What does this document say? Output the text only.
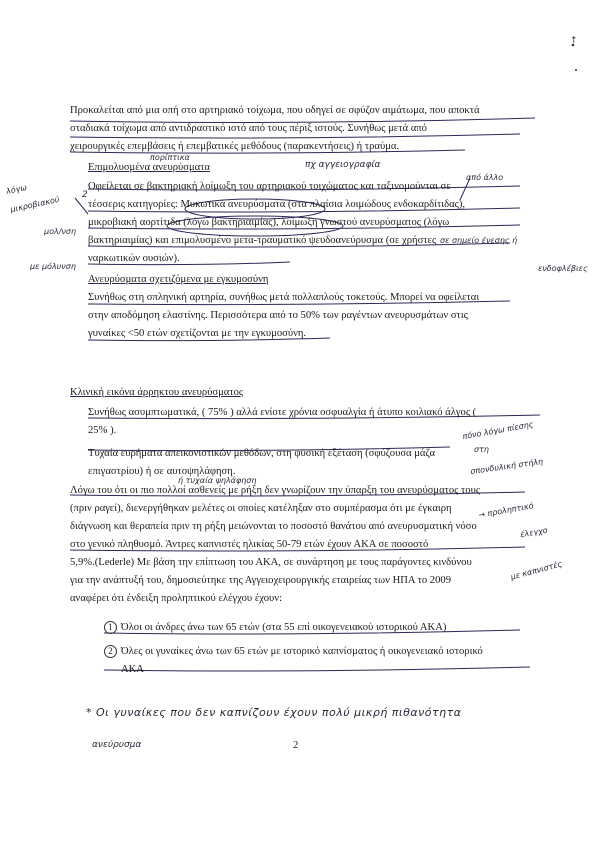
Προκαλείται από μια οπή στο αρτηριακό τοίχωμα, που οδηγεί σε σφύζον αιμάτωμα, που αποκτά
σταδιακά τοίχωμα από αντιδραστικό ιστό από τους πέριξ ιστούς. Συνήθως μετά από
χειρουργικές επεμβάσεις ή επεμβατικές μεθόδους (παρακεντήσεις) ή τραύμα.
Επιμολυσμένα ανευρύσματα
Οφείλεται σε βακτηριακή λοίμωξη του αρτηριακού τοιχώματος και ταξινομούνται σε
τέσσερις κατηγορίες: Μυκωτικά ανευρύσματα (στα πλαίσια λοιμώδους ενδοκαρδίτιδας),
μικροβιακή αορτίτιδα (λόγω βακτηριαιμίας), λοίμωξη γνωστού ανευρύσματος (λόγω
βακτηριαιμίας) και επιμολυσμένο μετα-τραυματικό ψευδοανεύρυσμα (σε χρήστες
ναρκωτικών ουσιών).
Ανευρύσματα σχετιζόμενα με εγκυμοσύνη
Συνήθως στη σπληνική αρτηρία, συνήθως μετά πολλαπλούς τοκετούς. Μπορεί να οφείλεται
στην αποδόμηση ελαστίνης. Περισσότερα από το 50% των ραγέντων ανευρυσμάτων στις
γυναίκες <50 ετών σχετίζονται με την εγκυμοσύνη.
Κλινική εικόνα άρρηκτου ανευρύσματος
Συνήθως ασυμπτωματικά, ( 75% ) αλλά ενίοτε χρόνια οσφυαλγία ή άτυπο κοιλιακό άλγος (
25% ).
Τυχαία ευρήματα απεικονιστικών μεθόδων, στη φυσική εξέταση (σφύζουσα μάζα
επιγαστρίου) ή σε αυτοψηλάφηση.
Λόγω του ότι οι πιο πολλοί ασθενείς με ρήξη δεν γνωρίζουν την ύπαρξη του ανευρύσματος τους
(πριν ραγεί), διενεργήθηκαν μελέτες οι οποίες κατέληξαν στο συμπέρασμα ότι με έγκαιρη
διάγνωση και θεραπεία πριν τη ρήξη μειώνονται το ποσοστό θανάτου από ανευρυσματική νόσο
στο γενικό πληθυσμό. Άντρες καπνιστές ηλικίας 50-79 ετών έχουν ΑΚΑ σε ποσοστό
5,9%.(Lederle) Με βάση την επίπτωση του ΑΚΑ, σε συνάρτηση με τους παράγοντες κινδύνου
για την ανάπτυξή του, δημοσιεύτηκε της Αγγειοχειρουργικής εταιρείας των ΗΠΑ το 2009
αναφέρει ότι ένδειξη προληπτικού ελέγχου έχουν:
1 Όλοι οι άνδρες άνω των 65 ετών (στα 55 επί οικογενειακού ιστορικού ΑΚΑ)
2 Όλες οι γυναίκες άνω των 65 ετών με ιστορικό καπνίσματος ή οικογενειακό ιστορικό
ΑΚΑ
2
↑
πορίπτικα
πχ αγγειογραφία
λόγω
μικροβιακού
μολ/νση
με μόλυνση
2
από άλλο
σε σημείο ένεσης ή
ενδοφλέβιες
πόνο λόγω πίεσης
στη
σπονδυλική στήλη
ή τυχαία ψηλάφηση
→ προληπτικό
έλεγχο
με καπνιστές
* Οι γυναίκες που δεν καπνίζουν έχουν πολύ μικρή πιθανότητα
ανεύρυσμα
